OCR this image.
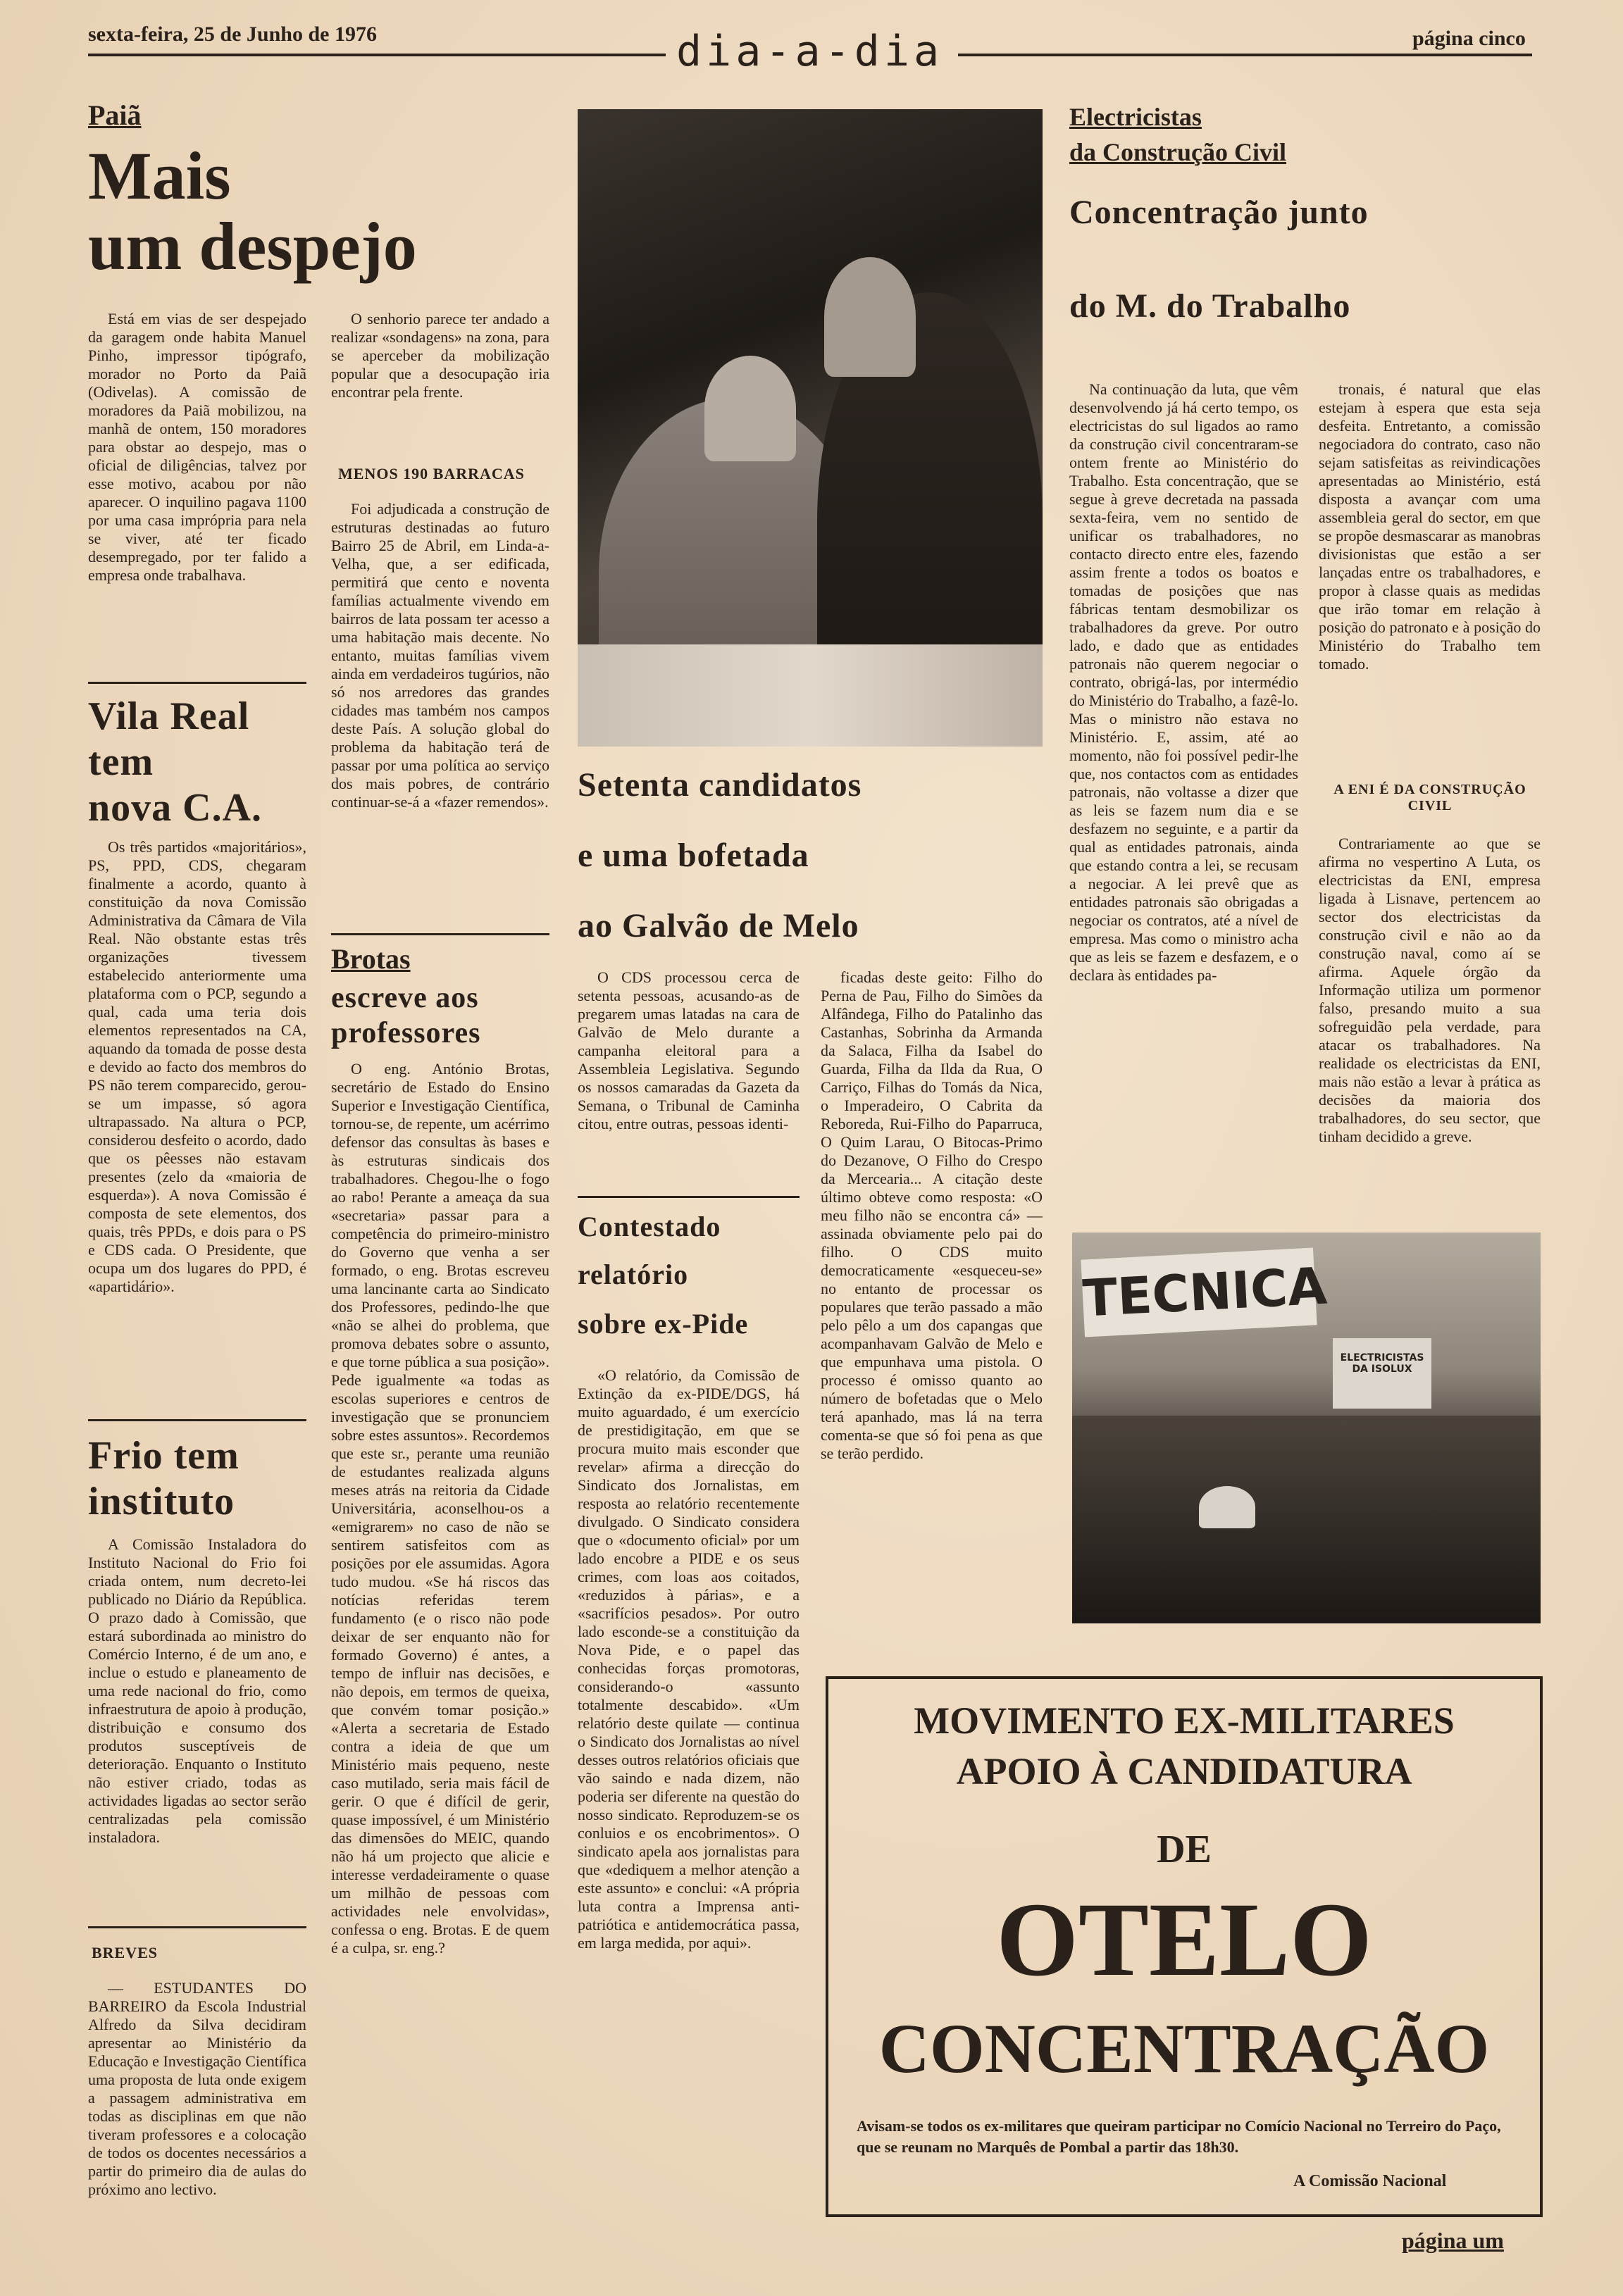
sexta-feira, 25 de Junho de 1976	dia-a-dia	página cinco
Paiã
Mais
um despejo

Está em vias de ser despejado da garagem onde habita Manuel Pinho, impressor tipógrafo, morador no Porto da Paiã (Odivelas). A comissão de moradores da Paiã mobilizou, na manhã de ontem, 150 moradores para obstar ao despejo, mas o oficial de diligências, talvez por esse motivo, acabou por não aparecer. O inquilino pagava 1100 por uma casa imprópria para nela se viver, até ter ficado desempregado, por ter falido a empresa onde trabalhava.

O senhorio parece ter andado a realizar «sondagens» na zona, para se aperceber da mobilização popular que a desocupação iria encontrar pela frente.

MENOS 190 BARRACAS

Foi adjudicada a construção de estruturas destinadas ao futuro Bairro 25 de Abril, em Linda-a-Velha, que, a ser edificada, permitirá que cento e noventa famílias actualmente vivendo em bairros de lata possam ter acesso a uma habitação mais decente. No entanto, muitas famílias vivem ainda em verdadeiros tugúrios, não só nos arredores das grandes cidades mas também nos campos deste País. A solução global do problema da habitação terá de passar por uma política ao serviço dos mais pobres, de contrário continuar-se-á a «fazer remendos».

Vila Real
tem
nova C.A.

Os três partidos «majoritários», PS, PPD, CDS, chegaram finalmente a acordo, quanto à constituição da nova Comissão Administrativa da Câmara de Vila Real. Não obstante estas três organizações tivessem estabelecido anteriormente uma plataforma com o PCP, segundo a qual, cada uma teria dois elementos representados na CA, aquando da tomada de posse desta e devido ao facto dos membros do PS não terem comparecido, gerou-se um impasse, só agora ultrapassado. Na altura o PCP, considerou desfeito o acordo, dado que os pêesses não estavam presentes (zelo da «maioria de esquerda»). A nova Comissão é composta de sete elementos, dos quais, três PPDs, e dois para o PS e CDS cada. O Presidente, que ocupa um dos lugares do PPD, é «apartidário».

Frio tem
instituto

A Comissão Instaladora do Instituto Nacional do Frio foi criada ontem, num decreto-lei publicado no Diário da República. O prazo dado à Comissão, que estará subordinada ao ministro do Comércio Interno, é de um ano, e inclue o estudo e planeamento de uma rede nacional do frio, como infraestrutura de apoio à produção, distribuição e consumo dos produtos susceptíveis de deterioração. Enquanto o Instituto não estiver criado, todas as actividades ligadas ao sector serão centralizadas pela comissão instaladora.

BREVES

— ESTUDANTES DO BARREIRO da Escola Industrial Alfredo da Silva decidiram apresentar ao Ministério da Educação e Investigação Científica uma proposta de luta onde exigem a passagem administrativa em todas as disciplinas em que não tiveram professores e a colocação de todos os docentes necessários a partir do primeiro dia de aulas do próximo ano lectivo.

Brotas
escreve aos
professores

O eng. António Brotas, secretário de Estado do Ensino Superior e Investigação Científica, tornou-se, de repente, um acérrimo defensor das consultas às bases e às estruturas sindicais dos trabalhadores. Chegou-lhe o fogo ao rabo! Perante a ameaça da sua «secretaria» passar para a competência do primeiro-ministro do Governo que venha a ser formado, o eng. Brotas escreveu uma lancinante carta ao Sindicato dos Professores, pedindo-lhe que «não se alhei do problema, que promova debates sobre o assunto, e que torne pública a sua posição». Pede igualmente «a todas as escolas superiores e centros de investigação que se pronunciem sobre estes assuntos». Recordemos que este sr., perante uma reunião de estudantes realizada alguns meses atrás na reitoria da Cidade Universitária, aconselhou-os a «emigrarem» no caso de não se sentirem satisfeitos com as posições por ele assumidas. Agora tudo mudou. «Se há riscos das notícias referidas terem fundamento (e o risco não pode deixar de ser enquanto não for formado Governo) é antes, a tempo de influir nas decisões, e não depois, em termos de queixa, que convém tomar posição.» «Alerta a secretaria de Estado contra a ideia de que um Ministério mais pequeno, neste caso mutilado, seria mais fácil de gerir. O que é difícil de gerir, quase impossível, é um Ministério das dimensões do MEIC, quando não há um projecto que alicie e interesse verdadeiramente o quase um milhão de pessoas com actividades nele envolvidas», confessa o eng. Brotas. E de quem é a culpa, sr. eng.?

Setenta candidatos
e uma bofetada
ao Galvão de Melo

O CDS processou cerca de setenta pessoas, acusando-as de pregarem umas latadas na cara de Galvão de Melo durante a campanha eleitoral para a Assembleia Legislativa. Segundo os nossos camaradas da Gazeta da Semana, o Tribunal de Caminha citou, entre outras, pessoas identi-

ficadas deste geito: Filho do Perna de Pau, Filho do Simões da Alfândega, Filho do Patalinho das Castanhas, Sobrinha da Armanda da Salaca, Filha da Isabel do Guarda, Filha da Ilda da Rua, O Carriço, Filhas do Tomás da Nica, o Imperadeiro, O Cabrita da Reboreda, Rui-Filho do Paparruca, O Quim Larau, O Bitocas-Primo do Dezanove, O Filho do Crespo da Mercearia... A citação deste último obteve como resposta: «O meu filho não se encontra cá» — assinada obviamente pelo pai do filho. O CDS muito democraticamente «esqueceu-se» no entanto de processar os populares que terão passado a mão pelo pêlo a um dos capangas que acompanhavam Galvão de Melo e que empunhava uma pistola. O processo é omisso quanto ao número de bofetadas que o Melo terá apanhado, mas lá na terra comenta-se que só foi pena as que se terão perdido.

Contestado
relatório
sobre ex-Pide

«O relatório, da Comissão de Extinção da ex-PIDE/DGS, há muito aguardado, é um exercício de prestidigitação, em que se procura muito mais esconder que revelar» afirma a direcção do Sindicato dos Jornalistas, em resposta ao relatório recentemente divulgado. O Sindicato considera que o «documento oficial» por um lado encobre a PIDE e os seus crimes, com loas aos coitados, «reduzidos à párias», e a «sacrifícios pesados». Por outro lado esconde-se a constituição da Nova Pide, e o papel das conhecidas forças promotoras, considerando-o «assunto totalmente descabido». «Um relatório deste quilate — continua o Sindicato dos Jornalistas ao nível desses outros relatórios oficiais que vão saindo e nada dizem, não poderia ser diferente na questão do nosso sindicato. Reproduzem-se os conluios e os encobrimentos». O sindicato apela aos jornalistas para que «dediquem a melhor atenção a este assunto» e conclui: «A própria luta contra a Imprensa anti-patriótica e antidemocrática passa, em larga medida, por aqui».

Electricistas
da Construção Civil
Concentração junto
do M. do Trabalho

Na continuação da luta, que vêm desenvolvendo já há certo tempo, os electricistas do sul ligados ao ramo da construção civil concentraram-se ontem frente ao Ministério do Trabalho. Esta concentração, que se segue à greve decretada na passada sexta-feira, vem no sentido de unificar os trabalhadores, no contacto directo entre eles, fazendo assim frente a todos os boatos e tomadas de posições que nas fábricas tentam desmobilizar os trabalhadores da greve. Por outro lado, e dado que as entidades patronais não querem negociar o contrato, obrigá-las, por intermédio do Ministério do Trabalho, a fazê-lo. Mas o ministro não estava no Ministério. E, assim, até ao momento, não foi possível pedir-lhe que, nos contactos com as entidades patronais, não voltasse a dizer que as leis se fazem num dia e se desfazem no seguinte, e a partir da qual as entidades patronais, ainda que estando contra a lei, se recusam a negociar. A lei prevê que as entidades patronais são obrigadas a negociar os contratos, até a nível de empresa. Mas como o ministro acha que as leis se fazem e desfazem, e o declara às entidades pa-

tronais, é natural que elas estejam à espera que esta seja desfeita. Entretanto, a comissão negociadora do contrato, caso não sejam satisfeitas as reivindicações apresentadas ao Ministério, está disposta a avançar com uma assembleia geral do sector, em que se propõe desmascarar as manobras divisionistas que estão a ser lançadas entre os trabalhadores, e propor à classe quais as medidas que irão tomar em relação à posição do patronato e à posição do Ministério do Trabalho tem tomado.

A ENI É DA CONSTRUÇÃO CIVIL

Contrariamente ao que se afirma no vespertino A Luta, os electricistas da ENI, empresa ligada à Lisnave, pertencem ao sector dos electricistas da construção civil e não ao da construção naval, como aí se afirma. Aquele órgão da Informação utiliza um pormenor falso, presando muito a sua sofreguidão pela verdade, para atacar os trabalhadores. Na realidade os electricistas da ENI, mais não estão a levar à prática as decisões da maioria dos trabalhadores, do seu sector, que tinham decidido a greve.

TECNICA
ELECTRICISTAS DA ISOLUX
MOVIMENTO EX-MILITARES
APOIO À CANDIDATURA
DE
OTELO
CONCENTRAÇÃO
Avisam-se todos os ex-militares que queiram participar no Comício Nacional no Terreiro do Paço, que se reunam no Marquês de Pombal a partir das 18h30.
A Comissão Nacional
página um
